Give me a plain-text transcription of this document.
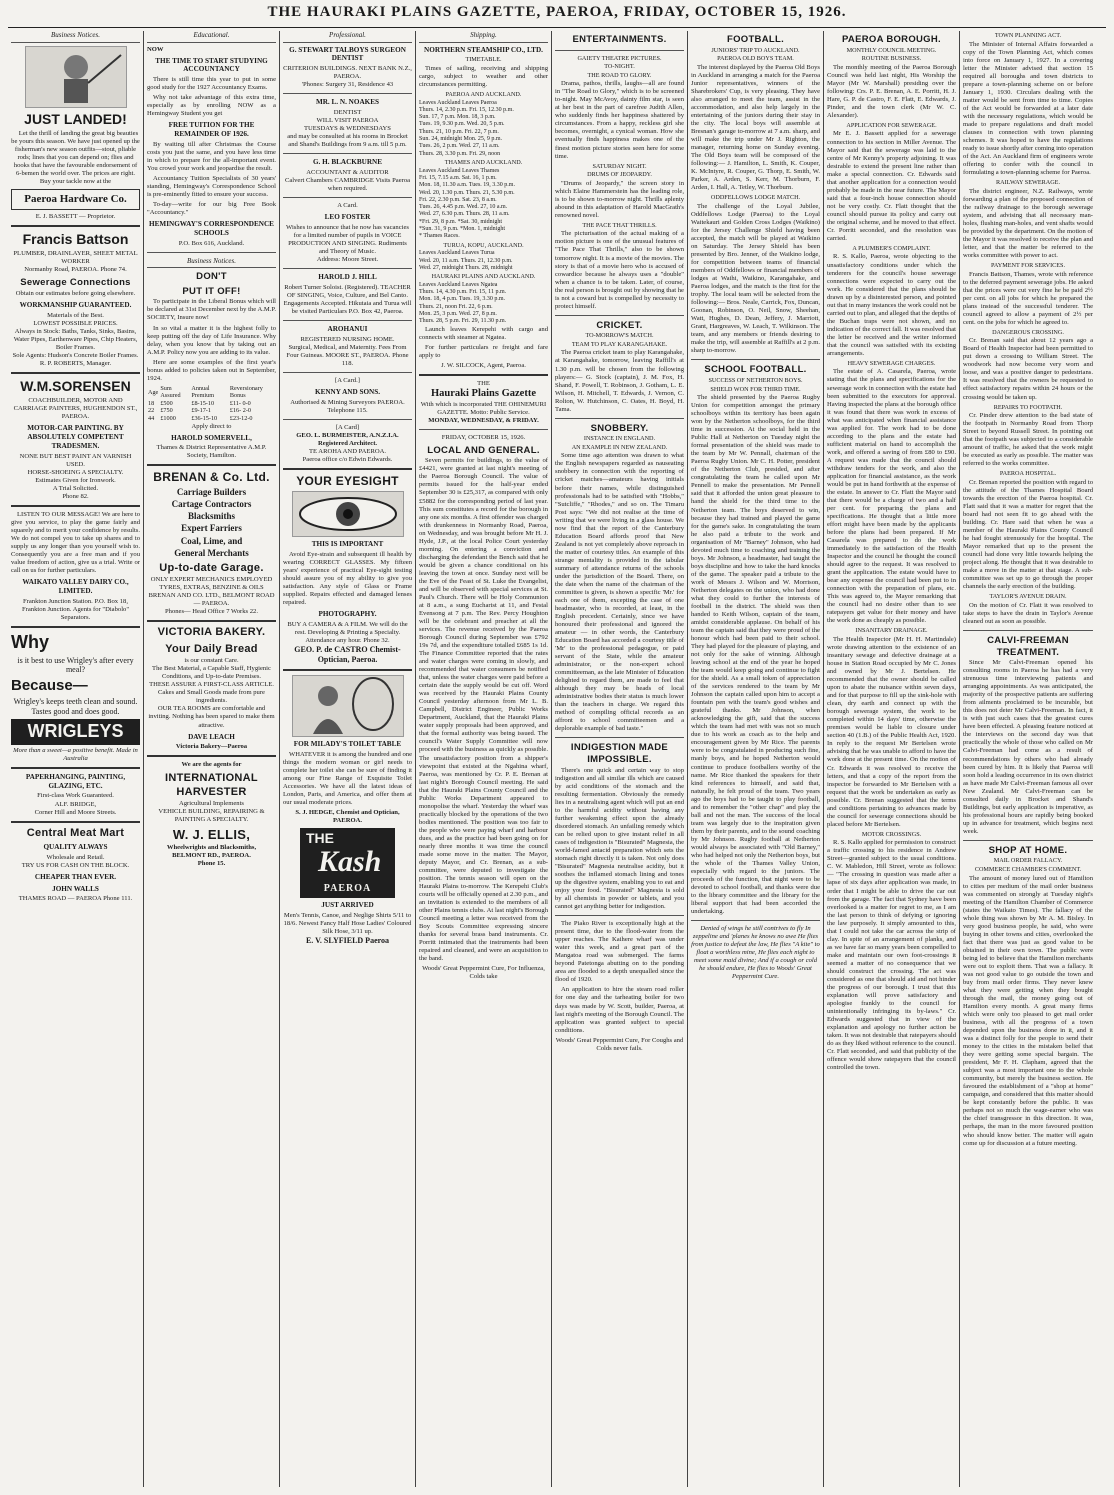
THE HAURAKI PLAINS GAZETTE, PAEROA, FRIDAY, OCTOBER 15, 1926.
Business Notices.
JUST LANDED!

Let the thrill of landing the great big beauties be yours this season. We have just opened up the fisherman's new season outfits—stout, pliable rods; lines that you can depend on; flies and hooks that have the favourable endorsement of 6-bemen the world over. The prices are right. Buy your tackle now at the

Paeroa Hardware Co.
E. J. BASSETT — Proprietor.
Francis Battson
PLUMBER, DRAINLAYER, SHEET METAL WORKER
Normanby Road, PAEROA. Phone 74.
Sewerage Connections
Obtain our estimates before going elsewhere.
WORKMANSHIP GUARANTEED.
Materials of the Best.
LOWEST POSSIBLE PRICES.
Always in Stock: Baths, Tanks, Sinks, Basins, Water Pipes, Earthenware Pipes, Chip Heaters, Boiler Frames.
Sole Agents: Hudson's Concrete Boiler Frames.
R. P. ROBERTS, Manager.
W.M.SORENSEN
COACHBUILDER, MOTOR AND CARRIAGE PAINTERS, HUGHENDON ST., PAEROA.
MOTOR-CAR PAINTING. BY ABSOLUTELY COMPETENT TRADESMEN.
NONE BUT BEST PAINT AN VARNISH USED.
HORSE-SHOEING A SPECIALTY.
Estimates Given for Ironwork.
A Trial Solicited.
Phone 82.

LISTEN TO OUR MESSAGE! We are here to give you service, to play the game fairly and squarely and to merit your confidence by results. We do not compel you to take up shares and to supply us any longer than you yourself wish to. Consequently you are a free man and if you value freedom of action, give us a trial. Write or call on us for further particulars.

WAIKATO VALLEY DAIRY CO., LIMITED.
Frankton Junction Station. P.O. Box 18, Frankton Junction. Agents for "Diabolo" Separators.
Why
is it best to use Wrigley's after every meal?
Because—
Wrigley's keeps teeth clean and sound. Tastes good and does good.
WRIGLEYS
More than a sweet—a positive benefit. Made in Australia
PAPERHANGING, PAINTING, GLAZING, ETC.
First-class Work Guaranteed.
ALF. BRIDGE,
Corner Hill and Moore Streets.
Central Meat Mart
QUALITY ALWAYS
Wholesale and Retail.
TRY US FOR CASH ON THE BLOCK.
CHEAPER THAN EVER.
JOHN WALLS
THAMES ROAD — PAEROA Phone 111.
Educational.
NOW
THE TIME TO START STUDYING ACCOUNTANCY

There is still time this year to put in some good study for the 1927 Accountancy Exams.

Why not take advantage of this extra time, especially as by enrolling NOW as a Hemingway Student you get

FREE TUITION FOR THE REMAINDER OF 1926.

By waiting till after Christmas the Course costs you just the same, and you have less time in which to prepare for the all-important event. You crowd your work and jeopardise the result.

Accountancy Tuition Specialists of 30 years' standing, Hemingway's Correspondence School is pre-eminently fitted to ensure your success.

To-day—write for our big Free Book "Accountancy."

HEMINGWAY'S CORRESPONDENCE SCHOOLS
P.O. Box 616, Auckland.
Business Notices.
DON'T
PUT IT OFF!

To participate in the Liberal Bonus which will be declared at 31st December next by the A.M.P. SOCIETY, Insure now!

In so vital a matter it is the highest folly to keep putting off the day of Life Insurance. Why delay, when you know that by taking out an A.M.P. Policy now you are adding to its value.

Here are some examples of the first year's bonus added to policies taken out in September, 1924.

Age	Sum Assured	Annual Premium	Reversionary Bonus
18	£500	£8-15-10	£11- 0-0
22	£750	£9-17-1	£16- 2-0
44	£1000	£36-15-10	£23-12-0
Apply direct to
HAROLD SOMERVELL,
Thames & District Representative A.M.P. Society, Hamilton.
BRENAN & Co. Ltd.
Carriage Builders
Cartage Contractors
Blacksmiths
Expert Farriers
Coal, Lime, and
General Merchants
Up-to-date Garage.
ONLY EXPERT MECHANICS EMPLOYED
TYRES, EXTRAS, BENZINE & OILS
BRENAN AND CO. LTD., BELMONT ROAD — PAEROA.
Phones— Head Office 7 Works 22.
VICTORIA BAKERY.
Your Daily Bread
is our constant Care.
The Best Material, a Capable Staff, Hygienic Conditions, and Up-to-date Premises.
THESE ASSURE A FIRST-CLASS ARTICLE.
Cakes and Small Goods made from pure ingredients.
OUR TEA ROOMS are comfortable and inviting. Nothing has been spared to make them attractive.
DAVE LEACH
Victoria Bakery—Paeroa
We are the agents for
INTERNATIONAL HARVESTER
Agricultural Implements
VEHICLE BUILDING, REPAIRING & PAINTING A SPECIALTY.
W. J. ELLIS,
Wheelwrights and Blacksmiths,
BELMONT RD., PAEROA.
Phone 15.
Professional.
G. STEWART TALBOYS SURGEON DENTIST
CRITERION BUILDINGS. NEXT BANK N.Z., PAEROA.
'Phones: Surgery 31, Residence 43
MR. L. N. NOAKES
DENTIST
WILL VISIT PAEROA
TUESDAYS & WEDNESDAYS
and may be consulted at his rooms in Brocket and Shand's Buildings from 9 a.m. till 5 p.m.
G. H. BLACKBURNE
ACCOUNTANT & AUDITOR
Calvert Chambers CAMBRIDGE Visits Paeroa when required.
A Card.
LEO FOSTER
Wishes to announce that he now has vacancies for a limited number of pupils in VOICE PRODUCTION AND SINGING. Rudiments and Theory of Music.
Address: Moore Street.
HAROLD J. HILL
Robert Turner Soloist. (Registered). TEACHER OF SINGING, Voice, Culture, and Bel Canto. Engagements Accepted. Hikutaia and Turua will be visited Particulars P.O. Box 42, Paeroa.
AROHANUI
REGISTERED NURSING HOME.
Surgical, Medical, and Maternity. Fees From Four Guineas. MOORE ST., PAEROA. Phone 118.
[A Card.]
KENNY AND SONS.
Authorised & Mining Surveyors PAEROA. Telephone 115.
[A Card]
GEO. L. BURMEISTER, A.N.Z.I.A. Registered Architect.
TE AROHA AND PAEROA.
Paeroa office c/o Edwin Edwards.
YOUR EYESIGHT
THIS IS IMPORTANT

Avoid Eye-strain and subsequent ill health by wearing CORRECT GLASSES. My fifteen years' experience of practical Eye-sight testing should assure you of my ability to give you satisfaction. Any style of Glass or Frame supplied. Repairs effected and damaged lenses repaired.

PHOTOGRAPHY.
BUY A CAMERA & A FILM. We will do the rest. Developing & Printing a Specialty. Attendance any hour. Phone 32.
GEO. P. de CASTRO Chemist-Optician, Paeroa.
FOR MILADY'S TOILET TABLE

WHATEVER it is among the hundred and one things the modern woman or girl needs to complete her toilet she can be sure of finding it among our Fine Range of Exquisite Toilet Accessories. We have all the latest ideas of London, Paris, and America, and offer them at our usual moderate prices.

S. J. HEDGE, Chemist and Optician, PAEROA.
THE
Kash
PAEROA
JUST ARRIVED
Men's Tennis, Canoe, and Neglige Shirts 5/11 to 18/6. Newest Fancy Half Hose Ladies' Coloured Silk Hose, 3/11 up.
E. V. SLYFIELD Paeroa
Shipping.
NORTHERN STEAMSHIP CO., LTD.
TIMETABLE.

Times of sailing, receiving and shipping cargo, subject to weather and other circumstances permitting.

PAEROA AND AUCKLAND.
Leaves Auckland Leaves Paeroa
Thurs. 14, 2.30 p.m. Fri. 15, 12.30 p.m.
Sun. 17, 7 p.m. Mon. 18, 3 p.m.
Tues. 19, 9.30 p.m. Wed. 20, 5 p.m.
Thurs. 21, 10 p.m. Fri. 22, 7 p.m.
Sun. 24, midnight Mon. 25, 9 p.m.
Tues. 26, 2 p.m. Wed. 27, 11 a.m.
Thurs. 28, 3.30 p.m. Fri. 29, noon
THAMES AND AUCKLAND.
Leaves Auckland Leaves Thames
Fri. 15, 7.15 a.m. Sat. 16, 1 p.m.
Mon. 18, 11.30 a.m. Tues. 19, 3.30 p.m.
Wed. 20, 1.30 p.m. Thurs. 21, 5.30 p.m.
Fri. 22, 2.30 p.m. Sat. 23, 8 a.m.
Tues. 26, 4.45 p.m. Wed. 27, 10 a.m.
Wed. 27, 6.30 p.m. Thurs. 28, 11 a.m.
*Fri. 29, 8 p.m. *Sat. 30, midnight
*Sun. 31, 9 p.m. *Mon. 1, midnight
* Thames Races.
TURUA, KOPU, AUCKLAND.
Leaves Auckland Leaves Turua
Wed. 20, 11 a.m. Thurs. 21, 12.30 p.m.
Wed. 27, midnight Thurs. 28, midnight
HAURAKI PLAINS AND AUCKLAND.
Leaves Auckland Leaves Ngatea
Thurs. 14, 4.30 p.m. Fri. 15, 11 p.m.
Mon. 18, 4 p.m. Tues. 19, 3.30 p.m.
Thurs. 21, noon Fri. 22, 6 p.m.
Mon. 25, 3 p.m. Wed. 27, 8 p.m.
Thurs. 28, 5 p.m. Fri. 29, 11.30 p.m.

Launch leaves Kerepehi with cargo and connects with steamer at Ngatea.

For further particulars re freight and fare apply to

J. W. SILCOCK, Agent, Paeroa.
THE
Hauraki Plains Gazette
With which is incorporated THE OHINEMURI GAZETTE. Motto: Public Service.
MONDAY, WEDNESDAY, & FRIDAY.
FRIDAY, OCTOBER 15, 1926.
LOCAL AND GENERAL.

Seven permits for buildings, to the value of £4421, were granted at last night's meeting of the Paeroa Borough Council. The value of permits issued for the half-year ended September 30 is £25,317, as compared with only £5882 for the corresponding period of last year. This sum constitutes a record for the borough in any one six months. A first offender was charged with drunkenness in Normanby Road, Paeroa, on Wednesday, and was brought before Mr H. J. Hyde, J.P., at the local Police Court yesterday morning. On entering a conviction and discharging the defendant the Bench said that he would be given a chance conditional on his leaving the town at once. Sunday next will be the Eve of the Feast of St. Luke the Evangelist, and will be observed with special services at St. Paul's Church. There will be Holy Communion at 8 a.m., a sung Eucharist at 11, and Festal Evensong at 7 p.m. The Rev. Percy Houghton will be the celebrant and preacher at all the services. The revenue received by the Paeroa Borough Council during September was £792 19s 7d, and the expenditure totalled £685 1s 1d. The Finance Committee reported that the rates and water charges were coming in slowly, and recommended that water consumers be notified that, unless the water charges were paid before a certain date the supply would be cut off. Word was received by the Hauraki Plains County Council yesterday afternoon from Mr L. B. Campbell, District Engineer, Public Works Department, Auckland, that the Hauraki Plains water supply proposals had been approved, and that the formal authority was being issued. The council's Water Supply Committee will now proceed with the business as quickly as possible. The unsatisfactory position from a shipper's viewpoint that existed at the Ngahina wharf, Paeroa, was mentioned by Cr. P. E. Brenan at last night's Borough Council meeting. He said that the Hauraki Plains County Council and the Public Works Department appeared to monopolise the wharf. Yesterday the wharf was practically blocked by the operations of the two bodies mentioned. The position was too fair to the people who were paying wharf and harbour dues, and as the practice had been going on for nearly three months it was time the council made some move in the matter. The Mayor, deputy Mayor, and Cr. Brenan, as a sub-committee, were deputed to investigate the position. The tennis season will open on the Hauraki Plains to-morrow. The Kerepehi Club's courts will be officially opened at 2.30 p.m., and an invitation is extended to the members of all other Plains tennis clubs. At last night's Borough Council meeting a letter was received from the Boy Scouts Committee expressing sincere thanks for several brass band instruments. Cr. Porritt intimated that the instruments had been repaired and cleaned, and were an acquisition to the band.

Woods' Great Peppermint Cure, For Influenza, Colds take
ENTERTAINMENTS.
GAIETY THEATRE PICTURES.
TO-NIGHT.
THE ROAD TO GLORY.

Drama, pathos, thrills, laughs—all are found in "The Road to Glory," which is to be screened to-night. May McAvoy, dainty film star, is seen at her best in the part of carefree Judith Allen, who suddenly finds her happiness shattered by circumstances. From a happy, reckless girl she becomes, overnight, a cynical woman. How she eventually finds happiness makes one of the finest motion picture stories seen here for some time.

SATURDAY NIGHT.
DRUMS OF JEOPARDY.

"Drums of Jeopardy," the screen story in which Elaine Hammerstein has the leading role, is to be shown to-morrow night. Thrills aplenty abound in this adaptation of Harold MacGrath's renowned novel.

THE PACE THAT THRILLS.

The picturisation of the actual making of a motion picture is one of the unusual features of "The Pace That Thrills," also to be shown tomorrow night. It is a movie of the movies. The story is that of a movie hero who is accused of cowardice because he always uses a "double" when a chance is to be taken. Later, of course, the real person is brought out by showing that he is not a coward but is compelled by necessity to protect himself.

CRICKET.
TO-MORROW'S MATCH.
TEAM TO PLAY KARANGAHAKE.

The Paeroa cricket team to play Karangahake, at Karangahake, tomorrow, leaving Raffill's at 1.30 p.m. will be chosen from the following players:— G. Stock (captain), J. M. Fox, H. Shand, F. Powell, T. Robinson, J. Gotham, L. E. Wilson, H. Mitchell, T. Edwards, J. Vernon, C. Rolton, W. Hutchinson, C. Oates, H. Boyd, H. Tama.

SNOBBERY.
INSTANCE IN ENGLAND.
AN EXAMPLE IN NEW ZEALAND.

Some time ago attention was drawn to what the English newspapers regarded as nauseating snobbery in connection with the reporting of cricket matches—amateurs having initials before their names, while distinguished professionals had to be satisfied with "Hobbs," "Sutcliffe," "Rhodes," and so on. The Timaru Post says: "We did not realise at the time of writing that we were living in a glass house. We now find that the report of the Canterbury Education Board affords proof that New Zealand is not yet completely above reproach in the matter of courtesy titles. An example of this strange mentality is provided in the tabular summary of attendance returns of the schools under the jurisdiction of the Board. There, on the date when the name of the chairman of the committee is given, is shown a specific 'Mr.' for each one of them, excepting the case of one headmaster, who is recorded, at least, in the English precedent. Certainly, since we have honoured their professional and ignored the amateur — in other words, the Canterbury Education Board has accorded a courtesy title of 'Mr' to the professional pedagogue, or paid servant of the State, while the amateur administrator, or the non-expert school committeeman, as the late Minister of Education delighted to regard them, are made to feel that although they may be heads of local administrative bodies their status is much lower than the teachers in charge. We regard this method of compiling official records as an affront to school committeemen and a deplorable example of bad taste."

INDIGESTION MADE IMPOSSIBLE.

There's one quick and certain way to stop indigestion and all similar ills which are caused by acid conditions of the stomach and the resulting fermentation. Obviously the remedy lies in a neutralising agent which will put an end to the harmful acidity without having any further weakening effect upon the already disordered stomach. An unfailing remedy which can be relied upon to give instant relief in all cases of indigestion is "Bisurated" Magnesia, the world-famed antacid preparation which sets the stomach right directly it is taken. Not only does "Bisurated" Magnesia neutralise acidity, but it soothes the inflamed stomach lining and tones up the digestive system, enabling you to eat and enjoy your food. "Bisurated" Magnesia is sold by all chemists in powder or tablets, and you cannot get anything better for indigestion.

The Piako River is exceptionally high at the present time, due to the flood-water from the upper reaches. The Kaihere wharf was under water this week, and a great part of the Mangatoa road was submerged. The farms beyond Patetonga abutting on to the ponding area are flooded to a depth unequalled since the flood of 1920.

An application to hire the steam road roller for one day and the tarheating boiler for two days was made by W. Scott, builder, Paeroa, at last night's meeting of the Borough Council. The application was granted subject to special conditions.

Woods' Great Peppermint Cure, For Coughs and Colds never fails.
FOOTBALL.
JUNIORS' TRIP TO AUCKLAND.
PAEROA OLD BOYS TEAM.

The interest displayed by the Paeroa Old Boys in Auckland in arranging a match for the Paeroa Junior representatives, winners of the Sharebrokers' Cup, is very pleasing. They have also arranged to meet the team, assist in the accommodation, and also help largely in the entertaining of the juniors during their stay in the city. The local boys will assemble at Bresnan's garage to-morrow at 7 a.m. sharp, and will make the trip under Mr J. Righton, the manager, returning home on Sunday evening. The Old Boys team will be composed of the following:— J. Hamilton, L. Smith, K. Couper, K. McIntyre, R. Couper, G. Thorp, E. Smith, W. Parker, A. Arden, S. Kerr, M. Thorburn, F. Arden, I. Hall, A. Tetley, W. Thorburn.

ODDFELLOWS LODGE MATCH.

The challenge of the Loyal Jubilee, Oddfellows Lodge (Paeroa) to the Loyal Waitekauri and Golden Cross Lodges (Waikino) for the Jersey Challenge Shield having been accepted, the match will be played at Waikino on Saturday. The Jersey Shield has been presented by Bro. Jenner, of the Waikino lodge, for competition between teams of financial members of Oddfellows or financial members of lodges at Waihi, Waikino, Karangahake, and Paeroa lodges, and the match is the first for the trophy. The local team will be selected from the following:— Bros. Neale, Carrick, Fox, Duncan, Goonan, Robinson, O. Neil, Snow, Sheehan, Watt, Hughes, D. Dean, Jeffery, J. Marriott, Grant, Hargreaves, W. Leach, T. Wilkinson. The team, and any members or friends desiring to make the trip, will assemble at Raffill's at 2 p.m. sharp to-morrow.

SCHOOL FOOTBALL.
SUCCESS OF NETHERTON BOYS.
SHIELD WON FOR THIRD TIME.

The shield presented by the Paeroa Rugby Union for competition amongst the primary schoolboys within its territory has been again won by the Netherton schoolboys, for the third time in succession. At the social held in the Public Hall at Netherton on Tuesday night the formal presentation of the shield was made to the team by Mr W. Pennall, chairman of the Paeroa Rugby Union. Mr C. H. Potter, president of the Netherton Club, presided, and after congratulating the team he called upon Mr Pennell to make the presentation. Mr Pennell said that it afforded the union great pleasure to hand the shield for the third time to the Netherton team. The boys deserved to win, because they had trained and played the game for the game's sake. In congratulating the team he also paid a tribute to the work and organisation of Mr "Barney" Johnson, who had devoted much time to coaching and training the boys. Mr Johnson, a headmaster, had taught the boys discipline and how to take the hard knocks of the game. The speaker paid a tribute to the work of Messrs J. Wilson and W. Morrison, Netherton delegates on the union, who had done what they could to further the interests of football in the district. The shield was then handed to Keith Wilson, captain of the team, amidst considerable applause. On behalf of his team the captain said that they were proud of the honour which had been paid to their school. They had played for the pleasure of playing, and not only for the sake of winning. Although leaving school at the end of the year he hoped the team would keep going and continue to fight for the shield. As a small token of appreciation of the services rendered to the team by Mr Johnson the captain called upon him to accept a fountain pen with the team's good wishes and grateful thanks. Mr Johnson, when acknowledging the gift, said that the success which the team had met with was not so much due to his work as coach as to the help and encouragement given by Mr Rice. The parents were to be congratulated in producing such fine, manly boys, and he hoped Netherton would continue to produce footballers worthy of the name. Mr Rice thanked the speakers for their kind references to himself, and said that, naturally, he felt proud of the team. Two years ago the boys had to be taught to play football, and to remember the "other chap" and play the ball and not the man. The success of the local team was largely due to the inspiration given them by their parents, and to the sound coaching by Mr Johnson. Rugby football at Netherton would always be associated with "Old Barney," who had helped not only the Netherton boys, but the whole of the Thames Valley Union, especially with regard to the juniors. The proceeds of the function, that night were to be devoted to school football, and thanks were due to the library committee and the library for the liberal support that had been accorded the undertaking.

Denied of wings he still contrives to fly In zeppeline and 'planes he knows no awe He flies from justice to defeat the law, He flies "A kite" to float a worthless mine, He flies each night to meet some maid divine; And if a cough or cold he should endure, He flies to Woods' Great Peppermint Cure.

PAEROA BOROUGH.
MONTHLY COUNCIL MEETING.
ROUTINE BUSINESS.

The monthly meeting of the Paeroa Borough Council was held last night, His Worship the Mayor (Mr W. Marshall) presiding over the following: Crs. P. E. Brenan, A. E. Porritt, H. J. Hare, G. P. de Castro, F. E. Flatt, E. Edwards, J. Pinder, and the town clerk (Mr W. C. Alexander).

APPLICATION FOR SEWERAGE.

Mr E. J. Bassett applied for a sewerage connection to his section in Miller Avenue. The Mayor said that the sewerage was laid to the centre of Mr Kenny's property adjoining. It was desirable to extend the present line rather than make a special connection. Cr. Edwards said that another application for a connection would probably be made in the near future. The Mayor said that a four-inch house connection should not be very costly. Cr. Flatt thought that the council should pursue its policy and carry out the original scheme, and he moved to that effect. Cr. Porritt seconded, and the resolution was carried.

A PLUMBER'S COMPLAINT.

R. S. Kallo, Paeroa, wrote objecting to the unsatisfactory conditions under which the tenderers for the council's house sewerage connections were expected to carry out the work. He considered that the plans should be drawn up by a disinterested person, and pointed out that in many instances the work could not be carried out to plan, and alleged that the depths of the Buchan traps were not shown, and no indication of the correct fall. It was resolved that the letter be received and the writer informed that the council was satisfied with its existing arrangements.

HEAVY SEWERAGE CHARGES.

The estate of A. Casarela, Paeroa, wrote stating that the plans and specifications for the sewerage work in connection with the estate had been submitted to the executors for approval. Having inspected the plans at the borough office it was found that there was work in excess of what was anticipated when financial assistance was applied for. The work had to be done according to the plans and the estate had sufficient material on hand to accomplish the work, and offered a saving of from £80 to £90. A request was made that the council should withdraw tenders for the work, and also the application for financial assistance, as the work would be put in hand forthwith at the expense of the estate. In answer to Cr. Flatt the Mayor said that there would be a charge of two and a half per cent. for preparing the plans and specifications. He thought that a little more effort might have been made by the applicants before the plans had been prepared. If Mr Casarela was prepared to do the work immediately to the satisfaction of the Health Inspector and the council he thought the council should agree to the request. It was resolved to grant the application. The estate would have to bear any expense the council had been put to in connection with the preparation of plans, etc. This was agreed to, the Mayor remarking that the council had no desire other than to see ratepayers get value for their money and have the work done as cheaply as possible.

INSANITARY DRAINAGE.

The Health Inspector (Mr H. H. Martindale) wrote drawing attention to the existence of an insanitary sewage and defective drainage at a house in Station Road occupied by Mr C. Jones and owned by Mr J. Bertelsen. He recommended that the owner should be called upon to abate the nuisance within seven days, and for that purpose to fill up the sink-hole with clean, dry earth and connect up with the borough sewerage system, the work to be completed within 14 days' time, otherwise the premises would be liable to closure under section 40 (1.B.) of the Public Health Act, 1920. In reply to the request Mr Bertelsen wrote advising that he was unable to afford to have the work done at the present time. On the motion of Cr. Edwards it was resolved to receive the letters, and that a copy of the report from the inspector be forwarded to Mr Bertelsen with a request that the work be undertaken as early as possible. Cr. Brenan suggested that the terms and conditions pertaining to advances made by the council for sewerage connections should be placed before Mr Bertelsen.

MOTOR CROSSINGS.

R. S. Kallo applied for permission to construct a traffic crossing to his residence in Andrew Street—granted subject to the usual conditions. C. W. Mabledon, Hill Street, wrote as follows:— "The crossing in question was made after a lapse of six days after application was made, in order that I might be able to drive the car out from the garage. The fact that Sydney have been overlooked is a matter for regret to me, as I am the last person to think of defying or ignoring the law purposely. It simply amounted to this, that I could not take the car across the strip of clay. In spite of an arrangement of planks, and as we have far so many years been compelled to make and maintain our own foot-crossings it seemed a matter of no consequence that we should construct the crossing. The act was considered as one that should aid and not hinder the progress of our borough. I trust that this explanation will prove satisfactory and apologise frankly to the council for unintentionally infringing its by-laws." Cr. Edwards suggested that in view of the explanation and apology no further action be taken. It was not desirable that ratepayers should do as they liked without reference to the council. Cr. Flatt seconded, and said that publicity of the offence would show ratepayers that the council controlled the town.

TOWN PLANNING ACT.

The Minister of Internal Affairs forwarded a copy of the Town Planning Act, which comes into force on January 1, 1927. In a covering letter the Minister advised that section 15 required all boroughs and town districts to prepare a town-planning scheme on or before January 1, 1930. Circulars dealing with the matter would be sent from time to time. Copies of the Act would be forwarded at a later date with the necessary regulations, which would be made to prepare regulations and draft model clauses in connection with town planning schemes. It was hoped to have the regulations ready to issue shortly after coming into operation of the Act. An Auckland firm of engineers wrote offering to confer with the council in formulating a town-planning scheme for Paeroa.

RAILWAY SEWERAGE.

The district engineer, N.Z. Railways, wrote forwarding a plan of the proposed connection of the railway drainage to the borough sewerage system, and advising that all necessary man-holes, flushing man-holes, and vent shafts would be provided by the department. On the motion of the Mayor it was resolved to receive the plan and letter, and that the matter be referred to the works committee with power to act.

PAYMENT FOR SERVICES.

Francis Battson, Thames, wrote with reference to the deferred payment sewerage jobs. He asked that the prices were cut very fine he be paid 2½ per cent. on all jobs for which he prepared the plans instead of the successful tenderer. The council agreed to allow a payment of 2½ per cent. on the jobs for which he agreed to.

DANGEROUS CROSSING.

Cr. Brenan said that about 12 years ago a Board of Health Inspector had been permitted to put down a crossing to William Street. The woodwork had now become very worn and loose, and was a positive danger to pedestrians. It was resolved that the owners be requested to effect satisfactory repairs within 24 hours or the crossing would be taken up.

REPAIRS TO FOOTPATH.

Cr. Pinder drew attention to the bad state of the footpath in Normanby Road from Thorp Street to beyond Russell Street. In pointing out that the footpath was subjected to a considerable amount of traffic, he asked that the work might be executed as early as possible. The matter was referred to the works committee.

PAEROA HOSPITAL.

Cr. Brenan reported the position with regard to the attitude of the Thames Hospital Board towards the erection of the Paeroa hospital. Cr. Flatt said that it was a matter for regret that the board had not seen fit to go ahead with the building. Cr. Hare said that when he was a member of the Hauraki Plains County Council he had fought strenuously for the hospital. The Mayor remarked that up to the present the council had done very little towards helping the project along. He thought that it was desirable to make a move in the matter at that stage. A sub-committee was set up to go through the proper channels the early erection of the building.

TAYLOR'S AVENUE DRAIN.

On the motion of Cr. Flatt it was resolved to take steps to have the drain in Taylor's Avenue cleaned out as soon as possible.

CALVI-FREEMAN TREATMENT.

Since Mr Calvi-Freeman opened his consulting rooms in Paeroa he has had a very strenuous time interviewing patients and arranging appointments. As was anticipated, the majority of the prospective patients are suffering from ailments proclaimed to be incurable, but this does not deter Mr Calvi-Freeman. In fact, it is with just such cases that the greatest cures have been effected. A pleasing feature noticed at the interviews on the second day was that practically the whole of those who called on Mr Calvi-Freeman had come as a result of recommendations by others who had already been cured by him. It is likely that Paeroa will soon hold a leading occurrence in its own district as have made Mr Calvi-Freeman famous all over New Zealand. Mr Calvi-Freeman can be consulted daily in Brocket and Shand's Buildings, but early application is imperative, as his professional hours are rapidly being booked up in advance for treatment, which begins next week.

SHOP AT HOME.
MAIL ORDER FALLACY.
COMMERCE CHAMBER'S COMMENT.

The amount of money lured out of Hamilton to cities per medium of the mail order business was commented on strongly at Tuesday night's meeting of the Hamilton Chamber of Commerce (states the Waikato Times). The fallacy of the whole thing was shown by Mr A. M. Bisley. In very good business people, he said, who were buying in other towns and cities, overlooked the fact that there was just as good value to be obtained in their own town. The public were being led to believe that the Hamilton merchants were out to exploit them. That was a fallacy. It was not good value to go outside the town and buy from mail order firms. They never knew what they were getting when they bought through the mail, the money going out of Hamilton every month. A great many firms which were only too pleased to get mail order business, with all the progress of a town depended upon the business done in it, and it was a distinct folly for the people to send their money to the cities in the mistaken belief that they were getting some special bargain. The president, Mr F. H. Clapham, agreed that the subject was a most important one to the whole community, but merely the business section. He favoured the establishment of a "shop at home" campaign, and considered that this matter should be kept constantly before the public. It was perhaps not so much the wage-earner who was the chief transgressor in this direction. It was, perhaps, the man in the more favoured position who should know better. The matter will again come up for discussion at a future meeting.
